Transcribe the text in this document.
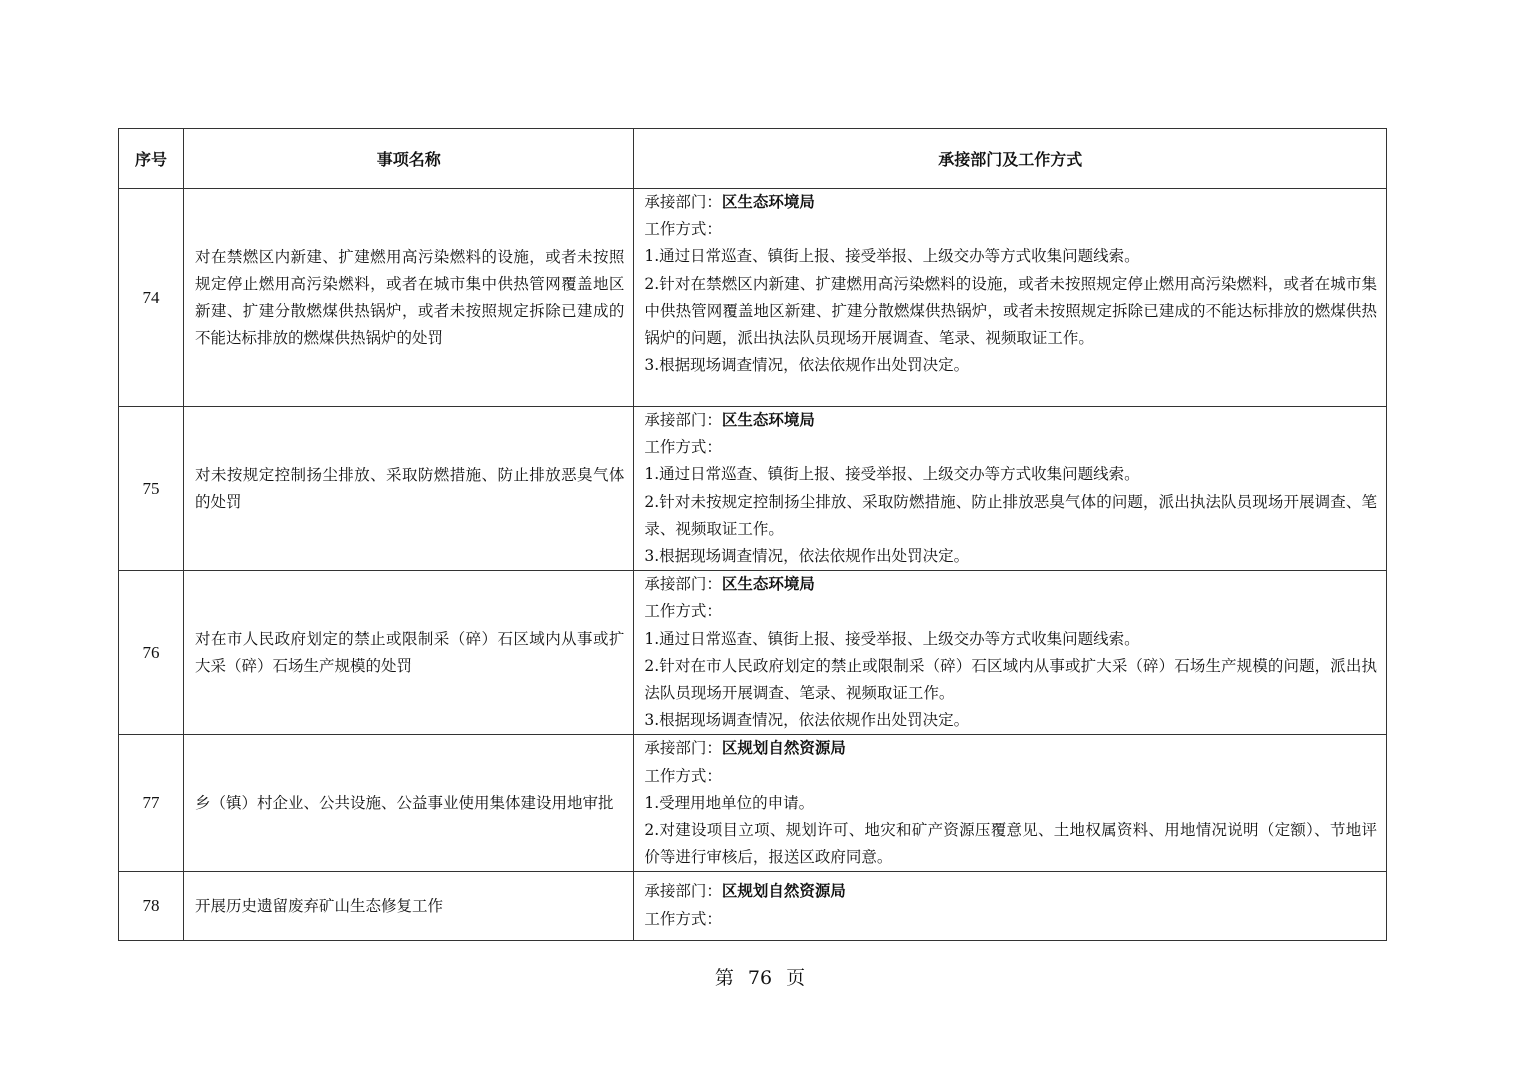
序号	事项名称	承接部门及工作方式
74	对在禁燃区内新建、扩建燃用高污染燃料的设施，或者未按照规定停止燃用高污染燃料，或者在城市集中供热管网覆盖地区新建、扩建分散燃煤供热锅炉，或者未按照规定拆除已建成的不能达标排放的燃煤供热锅炉的处罚	承接部门：区生态环境局
工作方式：
1.通过日常巡查、镇街上报、接受举报、上级交办等方式收集问题线索。
2.针对在禁燃区内新建、扩建燃用高污染燃料的设施，或者未按照规定停止燃用高污染燃料，或者在城市集中供热管网覆盖地区新建、扩建分散燃煤供热锅炉，或者未按照规定拆除已建成的不能达标排放的燃煤供热锅炉的问题，派出执法队员现场开展调查、笔录、视频取证工作。
3.根据现场调查情况，依法依规作出处罚决定。

75	对未按规定控制扬尘排放、采取防燃措施、防止排放恶臭气体的处罚	承接部门：区生态环境局
工作方式：
1.通过日常巡查、镇街上报、接受举报、上级交办等方式收集问题线索。
2.针对未按规定控制扬尘排放、采取防燃措施、防止排放恶臭气体的问题，派出执法队员现场开展调查、笔录、视频取证工作。
3.根据现场调查情况，依法依规作出处罚决定。

76	对在市人民政府划定的禁止或限制采（碎）石区域内从事或扩大采（碎）石场生产规模的处罚	承接部门：区生态环境局
工作方式：
1.通过日常巡查、镇街上报、接受举报、上级交办等方式收集问题线索。
2.针对在市人民政府划定的禁止或限制采（碎）石区域内从事或扩大采（碎）石场生产规模的问题，派出执法队员现场开展调查、笔录、视频取证工作。
3.根据现场调查情况，依法依规作出处罚决定。

77	乡（镇）村企业、公共设施、公益事业使用集体建设用地审批	承接部门：区规划自然资源局
工作方式：
1.受理用地单位的申请。
2.对建设项目立项、规划许可、地灾和矿产资源压覆意见、土地权属资料、用地情况说明（定额）、节地评价等进行审核后，报送区政府同意。

78	开展历史遗留废弃矿山生态修复工作	承接部门：区规划自然资源局
工作方式：
第 76 页
